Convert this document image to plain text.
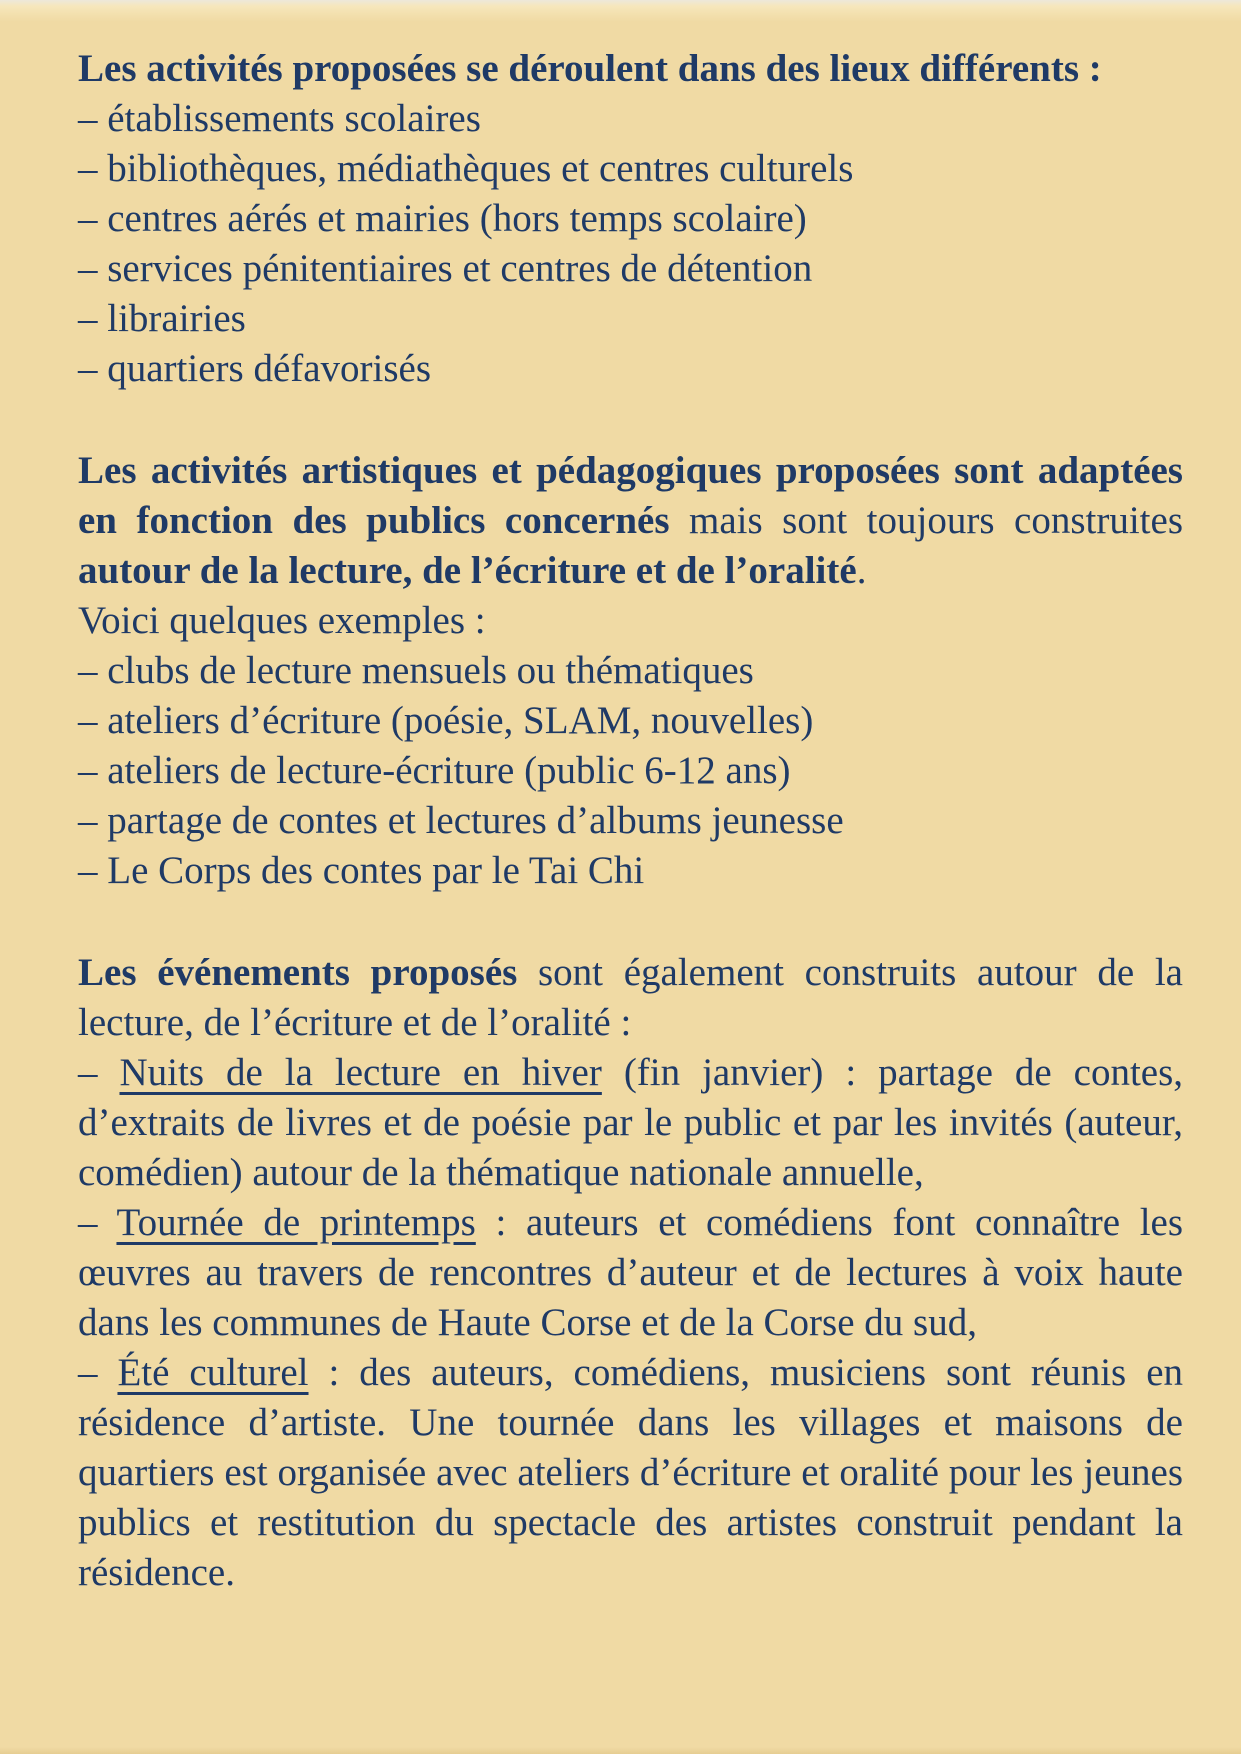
Les activités proposées se déroulent dans des lieux différents :

– établissements scolaires

– bibliothèques, médiathèques et centres culturels

– centres aérés et mairies (hors temps scolaire)

– services pénitentiaires et centres de détention

– librairies

– quartiers défavorisés

Les activités artistiques et pédagogiques proposées sont adaptées en fonction des publics concernés mais sont toujours construites autour de la lecture, de l’écriture et de l’oralité.

Voici quelques exemples :

– clubs de lecture mensuels ou thématiques

– ateliers d’écriture (poésie, SLAM, nouvelles)

– ateliers de lecture-écriture (public 6-12 ans)

– partage de contes et lectures d’albums jeunesse

– Le Corps des contes par le Tai Chi

Les événements proposés sont également construits autour de la lecture, de l’écriture et de l’oralité :

– Nuits de la lecture en hiver (fin janvier) : partage de contes, d’extraits de livres et de poésie par le public et par les invités (auteur, comédien) autour de la thématique nationale annuelle,

– Tournée de printemps : auteurs et comédiens font connaître les œuvres au travers de rencontres d’auteur et de lectures à voix haute dans les communes de Haute Corse et de la Corse du sud,

– Été culturel : des auteurs, comédiens, musiciens sont réunis en résidence d’artiste. Une tournée dans les villages et maisons de quartiers est organisée avec ateliers d’écriture et oralité pour les jeunes publics et restitution du spectacle des artistes construit pendant la résidence.
